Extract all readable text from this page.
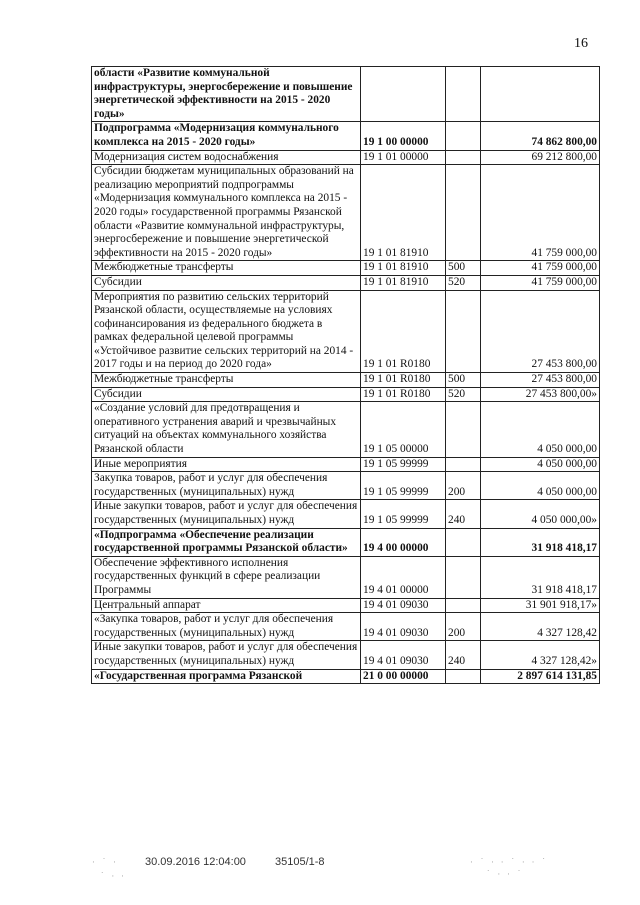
16
области «Развитие коммунальной инфраструктуры, энергосбережение и повышение энергетической эффективности на 2015 - 2020 годы»			
Подпрограмма «Модернизация коммунального комплекса на 2015 - 2020 годы»	19 1 00 00000		74 862 800,00
Модернизация систем водоснабжения	19 1 01 00000		69 212 800,00
Субсидии бюджетам муниципальных образований на реализацию мероприятий подпрограммы «Модернизация коммунального комплекса на 2015 - 2020 годы» государственной программы Рязанской области «Развитие коммунальной инфраструктуры, энергосбережение и повышение энергетической эффективности на 2015 - 2020 годы»	19 1 01 81910		41 759 000,00
Межбюджетные трансферты	19 1 01 81910	500	41 759 000,00
Субсидии	19 1 01 81910	520	41 759 000,00
Мероприятия по развитию сельских территорий Рязанской области, осуществляемые на условиях софинансирования из федерального бюджета в рамках федеральной целевой программы «Устойчивое развитие сельских территорий на 2014 - 2017 годы и на период до 2020 года»	19 1 01 R0180		27 453 800,00
Межбюджетные трансферты	19 1 01 R0180	500	27 453 800,00
Субсидии	19 1 01 R0180	520	27 453 800,00»
«Создание условий для предотвращения и оперативного устранения аварий и чрезвычайных ситуаций на объектах коммунального хозяйства Рязанской области	19 1 05 00000		4 050 000,00
Иные мероприятия	19 1 05 99999		4 050 000,00
Закупка товаров, работ и услуг для обеспечения государственных (муниципальных) нужд	19 1 05 99999	200	4 050 000,00
Иные закупки товаров, работ и услуг для обеспечения государственных (муниципальных) нужд	19 1 05 99999	240	4 050 000,00»
«Подпрограмма «Обеспечение реализации государственной программы Рязанской области»	19 4 00 00000		31 918 418,17
Обеспечение эффективного исполнения государственных функций в сфере реализации Программы	19 4 01 00000		31 918 418,17
Центральный аппарат	19 4 01 09030		31 901 918,17»
«Закупка товаров, работ и услуг для обеспечения государственных (муниципальных) нужд	19 4 01 09030	200	4 327 128,42
Иные закупки товаров, работ и услуг для обеспечения государственных (муниципальных) нужд	19 4 01 09030	240	4 327 128,42»
«Государственная программа Рязанской	21 0 00 00000		2 897 614 131,85
30.09.2016 12:04:00	35105/1-8
· ˙ ·
˙ · ·
· ˙ · · ˙ · · ˙
˙ · · ˙
